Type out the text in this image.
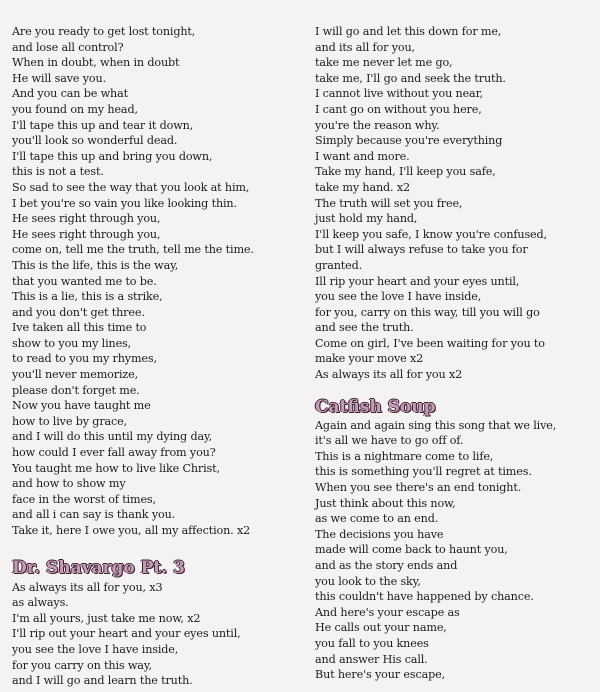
Are you ready to get lost tonight,
and lose all control?
When in doubt, when in doubt
He will save you.
And you can be what
you found on my head,
I'll tape this up and tear it down,
you'll look so wonderful dead.
I'll tape this up and bring you down,
this is not a test.
So sad to see the way that you look at him,
I bet you're so vain you like looking thin.
He sees right through you,
He sees right through you,
come on, tell me the truth, tell me the time.
This is the life, this is the way,
that you wanted me to be.
This is a lie, this is a strike,
and you don't get three.
Ive taken all this time to
show to you my lines,
to read to you my rhymes,
you'll never memorize,
please don't forget me.
Now you have taught me
how to live by grace,
and I will do this until my dying day,
how could I ever fall away from you?
You taught me how to live like Christ,
and how to show my
face in the worst of times,
and all i can say is thank you.
Take it, here I owe you, all my affection. x2
Dr. Shavargo Pt. 3
As always its all for you, x3
as always.
I'm all yours, just take me now, x2
I'll rip out your heart and your eyes until,
you see the love I have inside,
for you carry on this way,
and I will go and learn the truth.
I will go and let this down for me,
and its all for you,
take me never let me go,
take me, I'll go and seek the truth.
I cannot live without you near,
I cant go on without you here,
you're the reason why.
Simply because you're everything
I want and more.
Take my hand, I'll keep you safe,
take my hand. x2
The truth will set you free,
just hold my hand,
I'll keep you safe, I know you're confused,
but I will always refuse to take you for
granted.
Ill rip your heart and your eyes until,
you see the love I have inside,
for you, carry on this way, till you will go
and see the truth.
Come on girl, I've been waiting for you to
make your move x2
As always its all for you x2
Catfish Soup
Again and again sing this song that we live,
it's all we have to go off of.
This is a nightmare come to life,
this is something you'll regret at times.
When you see there's an end tonight.
Just think about this now,
as we come to an end.
The decisions you have
made will come back to haunt you,
and as the story ends and
you look to the sky,
this couldn't have happened by chance.
And here's your escape as
He calls out your name,
you fall to you knees
and answer His call.
But here's your escape,
